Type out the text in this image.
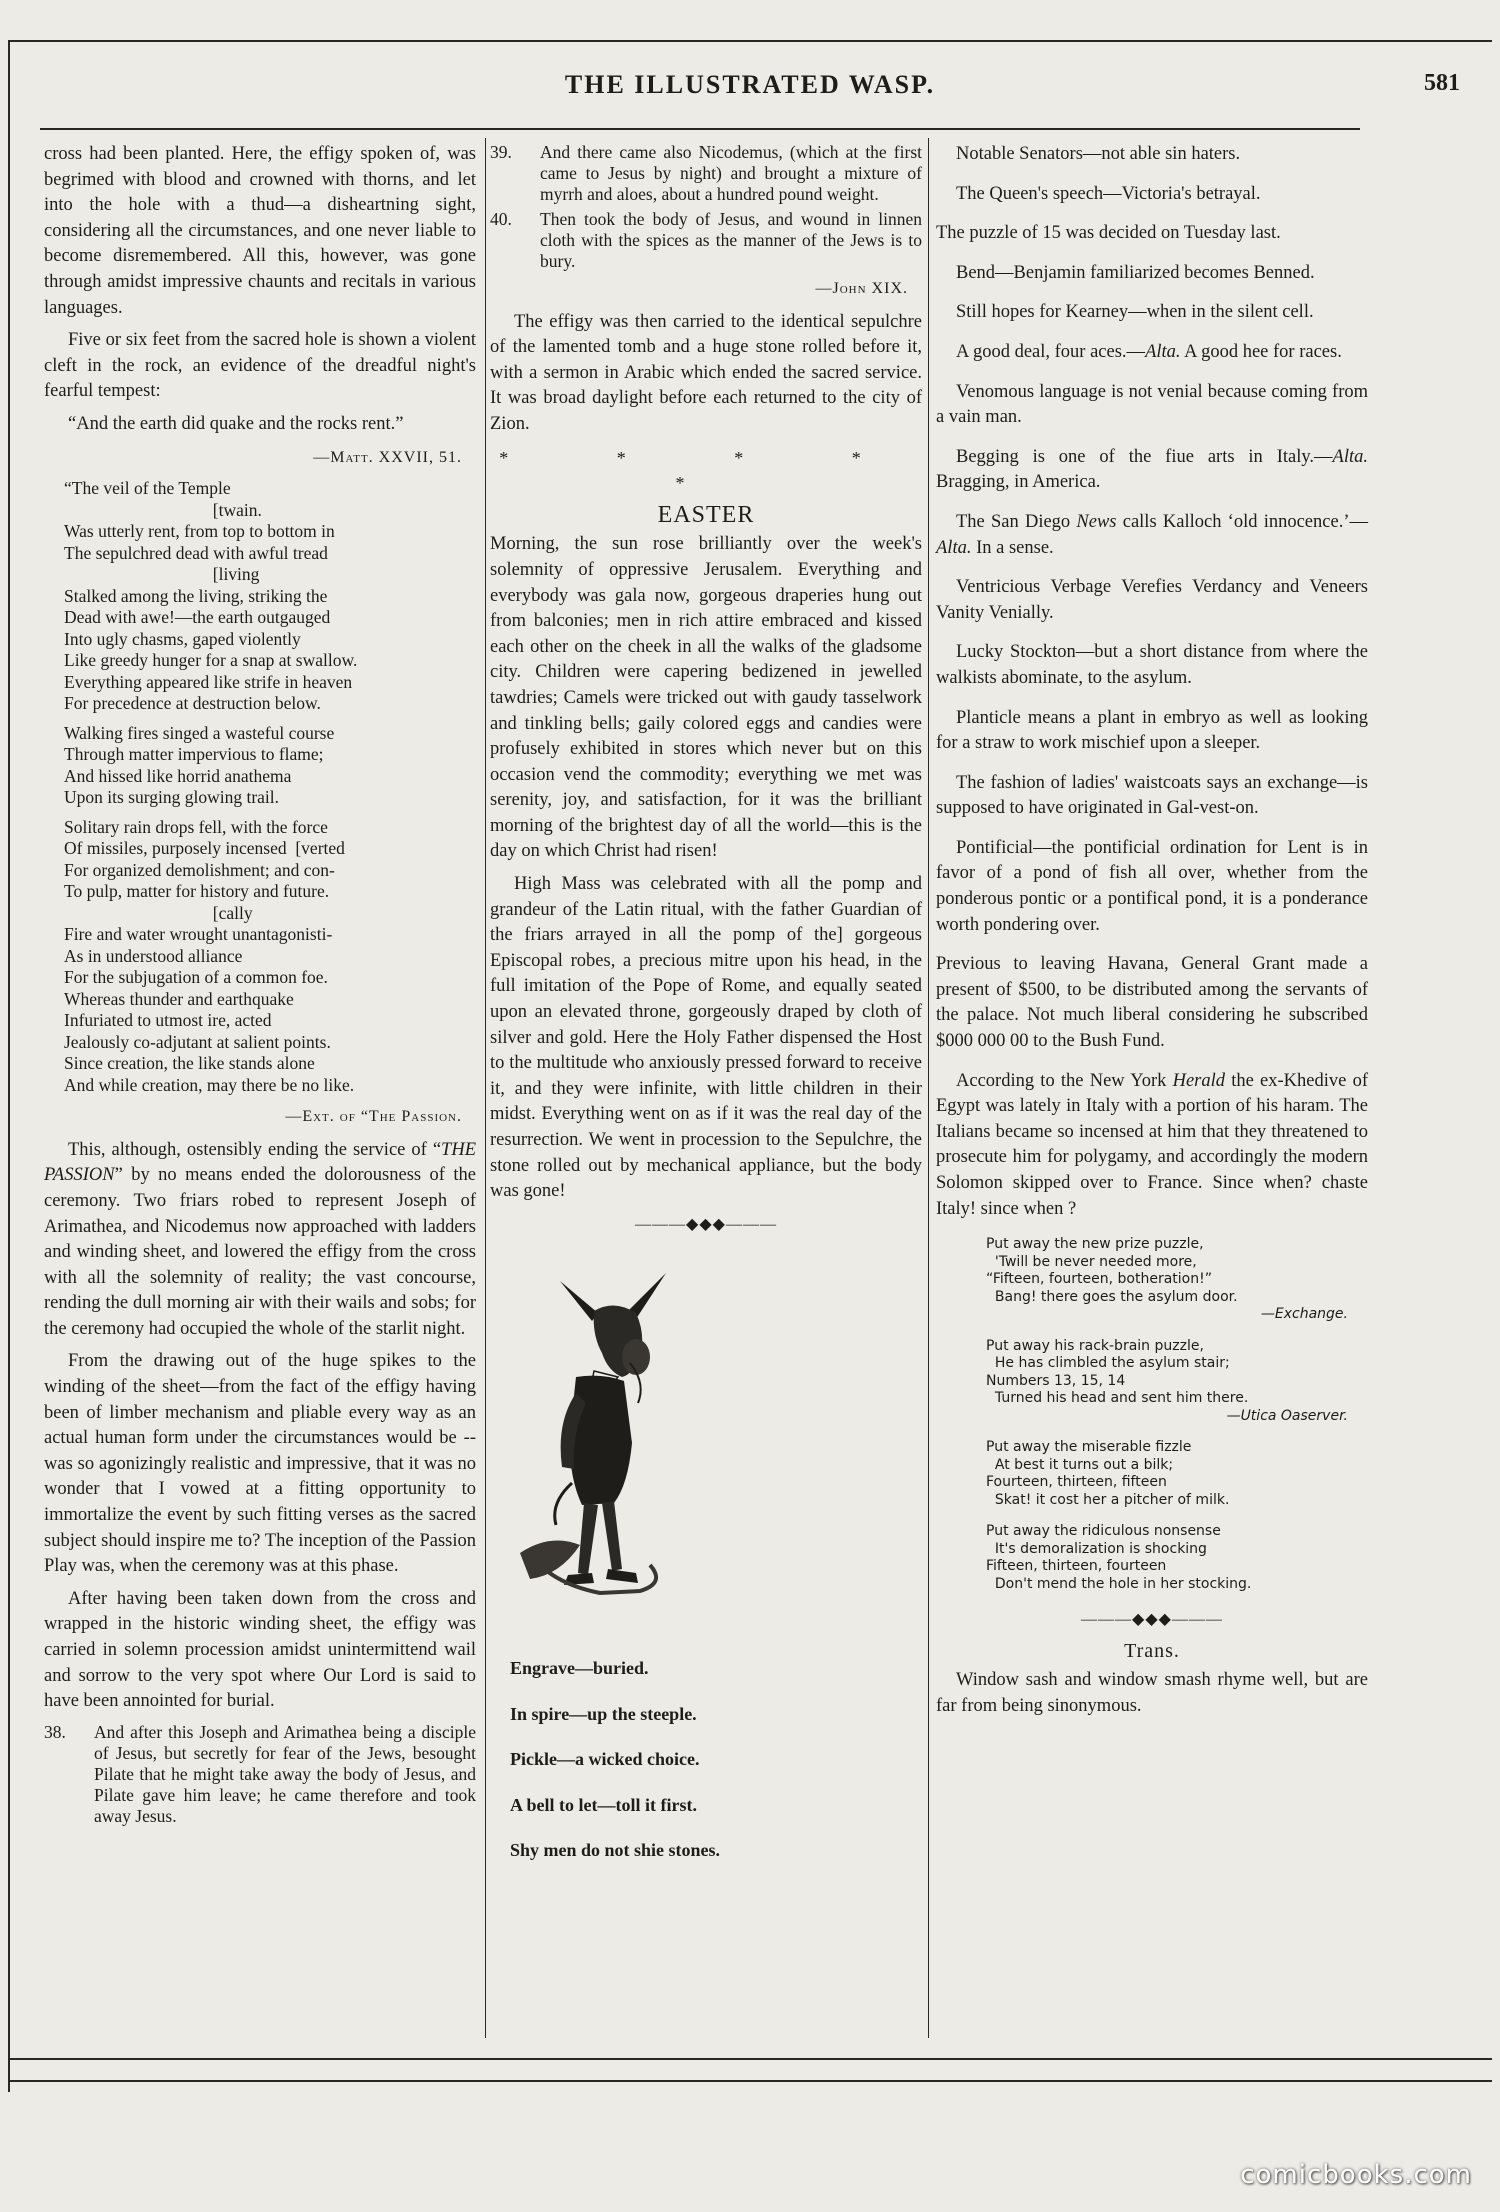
THE ILLUSTRATED WASP.	581

cross had been planted. Here, the effigy spoken of, was begrimed with blood and crowned with thorns, and let into the hole with a thud—a disheartning sight, considering all the circumstances, and one never liable to become disremembered. All this, however, was gone through amidst impressive chaunts and recitals in various languages.

Five or six feet from the sacred hole is shown a violent cleft in the rock, an evidence of the dreadful night's fearful tempest:

“And the earth did quake and the rocks rent.”

—Matt. XXVII, 51.
“The veil of the Temple
[twain.
Was utterly rent, from top to bottom in
The sepulchred dead with awful tread
[living
Stalked among the living, striking the
Dead with awe!—the earth outgauged
Into ugly chasms, gaped violently
Like greedy hunger for a snap at swallow.
Everything appeared like strife in heaven
For precedence at destruction below.
Walking fires singed a wasteful course
Through matter impervious to flame;
And hissed like horrid anathema
Upon its surging glowing trail.
Solitary rain drops fell, with the force
Of missiles, purposely incensed  [verted
For organized demolishment; and con-
To pulp, matter for history and future.
[cally
Fire and water wrought unantagonisti-
As in understood alliance
For the subjugation of a common foe.
Whereas thunder and earthquake
Infuriated to utmost ire, acted
Jealously co-adjutant at salient points.
Since creation, the like stands alone
And while creation, may there be no like.
—Ext. of “The Passion.

This, although, ostensibly ending the service of “THE PASSION” by no means ended the dolorousness of the ceremony. Two friars robed to represent Joseph of Arimathea, and Nicodemus now approached with ladders and winding sheet, and lowered the effigy from the cross with all the solemnity of reality; the vast concourse, rending the dull morning air with their wails and sobs; for the ceremony had occupied the whole of the starlit night.

From the drawing out of the huge spikes to the winding of the sheet—from the fact of the effigy having been of limber mechanism and pliable every way as an actual human form under the circumstances would be --was so agonizingly realistic and impressive, that it was no wonder that I vowed at a fitting opportunity to immortalize the event by such fitting verses as the sacred subject should inspire me to? The inception of the Passion Play was, when the ceremony was at this phase.

After having been taken down from the cross and wrapped in the historic winding sheet, the effigy was carried in solemn procession amidst unintermittend wail and sorrow to the very spot where Our Lord is said to have been annointed for burial.

38.	And after this Joseph and Arimathea being a disciple of Jesus, but secretly for fear of the Jews, besought Pilate that he might take away the body of Jesus, and Pilate gave him leave; he came therefore and took away Jesus.
39.	And there came also Nicodemus, (which at the first came to Jesus by night) and brought a mixture of myrrh and aloes, about a hundred pound weight.
40.	Then took the body of Jesus, and wound in linnen cloth with the spices as the manner of the Jews is to bury.
—John XIX.

The effigy was then carried to the identical sepulchre of the lamented tomb and a huge stone rolled before it, with a sermon in Arabic which ended the sacred service. It was broad daylight before each returned to the city of Zion.

* * * * *
EASTER

Morning, the sun rose brilliantly over the week's solemnity of oppressive Jerusalem. Everything and everybody was gala now, gorgeous draperies hung out from balconies; men in rich attire embraced and kissed each other on the cheek in all the walks of the gladsome city. Children were capering bedizened in jewelled tawdries; Camels were tricked out with gaudy tasselwork and tinkling bells; gaily colored eggs and candies were profusely exhibited in stores which never but on this occasion vend the commodity; everything we met was serenity, joy, and satisfaction, for it was the brilliant morning of the brightest day of all the world—this is the day on which Christ had risen!

High Mass was celebrated with all the pomp and grandeur of the Latin ritual, with the father Guardian of the friars arrayed in all the pomp of the] gorgeous Episcopal robes, a precious mitre upon his head, in the full imitation of the Pope of Rome, and equally seated upon an elevated throne, gorgeously draped by cloth of silver and gold. Here the Holy Father dispensed the Host to the multitude who anxiously pressed forward to receive it, and they were infinite, with little children in their midst. Everything went on as if it was the real day of the resurrection. We went in procession to the Sepulchre, the stone rolled out by mechanical appliance, but the body was gone!

———◆◆◆———
Engrave—buried.
In spire—up the steeple.
Pickle—a wicked choice.
A bell to let—toll it first.
Shy men do not shie stones.

Notable Senators—not able sin haters.

The Queen's speech—Victoria's betrayal.

The puzzle of 15 was decided on Tuesday last.

Bend—Benjamin familiarized becomes Benned.

Still hopes for Kearney—when in the silent cell.

A good deal, four aces.—Alta. A good hee for races.

Venomous language is not venial because coming from a vain man.

Begging is one of the fiue arts in Italy.—Alta. Bragging, in America.

The San Diego News calls Kalloch ‘old innocence.’—Alta. In a sense.

Ventricious Verbage Verefies Verdancy and Veneers Vanity Venially.

Lucky Stockton—but a short distance from where the walkists abominate, to the asylum.

Planticle means a plant in embryo as well as looking for a straw to work mischief upon a sleeper.

The fashion of ladies' waistcoats says an exchange—is supposed to have originated in Gal-vest-on.

Pontificial—the pontificial ordination for Lent is in favor of a pond of fish all over, whether from the ponderous pontic or a pontifical pond, it is a ponderance worth pondering over.

Previous to leaving Havana, General Grant made a present of $500, to be distributed among the servants of the palace. Not much liberal considering he subscribed $000 000 00 to the Bush Fund.

According to the New York Herald the ex-Khedive of Egypt was lately in Italy with a portion of his haram. The Italians became so incensed at him that they threatened to prosecute him for polygamy, and accordingly the modern Solomon skipped over to France. Since when? chaste Italy! since when ?

Put away the new prize puzzle,
'Twill be never needed more,
“Fifteen, fourteen, botheration!”
Bang! there goes the asylum door.
—Exchange.
Put away his rack-brain puzzle,
He has climbled the asylum stair;
Numbers 13, 15, 14
Turned his head and sent him there.
—Utica Oaserver.
Put away the miserable fizzle
At best it turns out a bilk;
Fourteen, thirteen, fifteen
Skat! it cost her a pitcher of milk.
Put away the ridiculous nonsense
It's demoralization is shocking
Fifteen, thirteen, fourteen
Don't mend the hole in her stocking.
———◆◆◆———
Trans.

Window sash and window smash rhyme well, but are far from being sinonymous.

comicbooks.com
